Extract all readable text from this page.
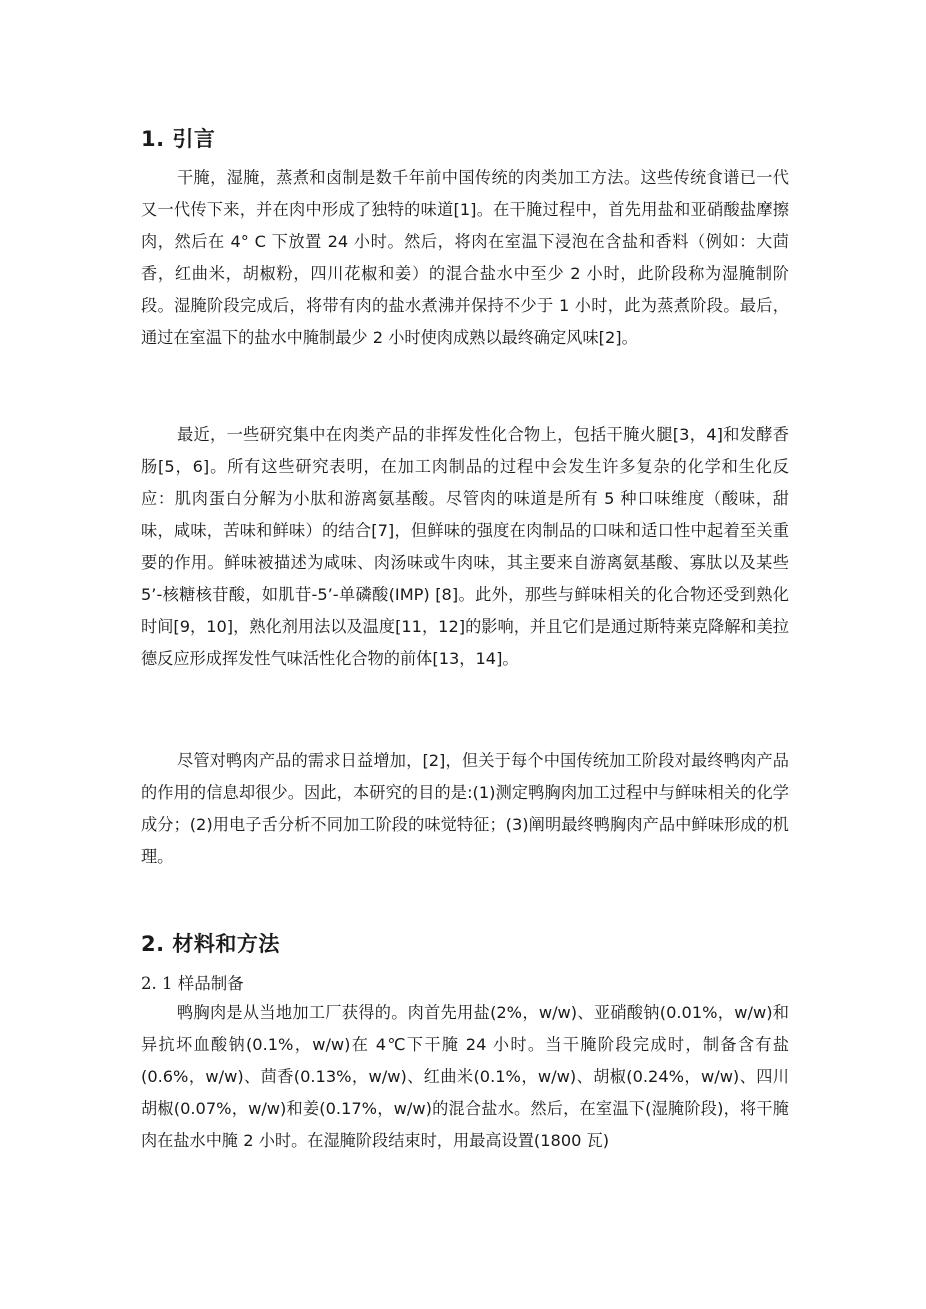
1. 引言

干腌，湿腌，蒸煮和卤制是数千年前中国传统的肉类加工方法。这些传统食谱已一代又一代传下来，并在肉中形成了独特的味道[1]。在干腌过程中，首先用盐和亚硝酸盐摩擦肉，然后在 4° C 下放置 24 小时。然后，将肉在室温下浸泡在含盐和香料（例如：大茴香，红曲米，胡椒粉，四川花椒和姜）的混合盐水中至少 2 小时，此阶段称为湿腌制阶段。湿腌阶段完成后，将带有肉的盐水煮沸并保持不少于 1 小时，此为蒸煮阶段。最后，通过在室温下的盐水中腌制最少 2 小时使肉成熟以最终确定风味[2]。

最近，一些研究集中在肉类产品的非挥发性化合物上，包括干腌火腿[3，4]和发酵香肠[5，6]。所有这些研究表明，在加工肉制品的过程中会发生许多复杂的化学和生化反应：肌肉蛋白分解为小肽和游离氨基酸。尽管肉的味道是所有 5 种口味维度（酸味，甜味，咸味，苦味和鲜味）的结合[7]，但鲜味的强度在肉制品的口味和适口性中起着至关重要的作用。鲜味被描述为咸味、肉汤味或牛肉味，其主要来自游离氨基酸、寡肽以及某些 5’-核糖核苷酸，如肌苷-5’-单磷酸(IMP) [8]。此外，那些与鲜味相关的化合物还受到熟化时间[9，10]，熟化剂用法以及温度[11，12]的影响，并且它们是通过斯特莱克降解和美拉德反应形成挥发性气味活性化合物的前体[13，14]。

尽管对鸭肉产品的需求日益增加，[2]，但关于每个中国传统加工阶段对最终鸭肉产品的作用的信息却很少。因此，本研究的目的是:(1)测定鸭胸肉加工过程中与鲜味相关的化学成分；(2)用电子舌分析不同加工阶段的味觉特征；(3)阐明最终鸭胸肉产品中鲜味形成的机理。

2. 材料和方法
2. 1 样品制备

鸭胸肉是从当地加工厂获得的。肉首先用盐(2%，w/w)、亚硝酸钠(0.01%，w/w)和异抗坏血酸钠(0.1%，w/w)在 4℃下干腌 24 小时。当干腌阶段完成时，制备含有盐(0.6%，w/w)、茴香(0.13%，w/w)、红曲米(0.1%，w/w)、胡椒(0.24%，w/w)、四川胡椒(0.07%，w/w)和姜(0.17%，w/w)的混合盐水。然后，在室温下(湿腌阶段)，将干腌肉在盐水中腌 2 小时。在湿腌阶段结束时，用最高设置(1800 瓦)
